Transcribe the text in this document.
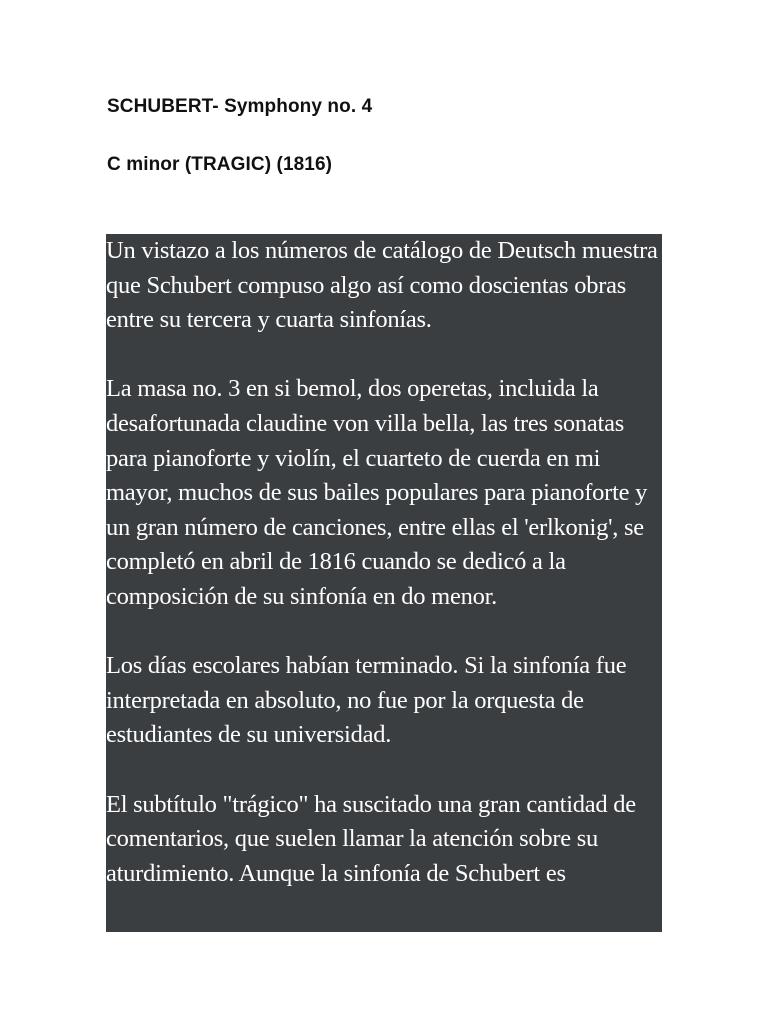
SCHUBERT- Symphony no. 4
C minor (TRAGIC) (1816)

Un vistazo a los números de catálogo de Deutsch muestra que Schubert compuso algo así como doscientas obras entre su tercera y cuarta sinfonías.

La masa no. 3 en si bemol, dos operetas, incluida la desafortunada claudine von villa bella, las tres sonatas para pianoforte y violín, el cuarteto de cuerda en mi mayor, muchos de sus bailes populares para pianoforte y un gran número de canciones, entre ellas el 'erlkonig', se completó en abril de 1816 cuando se dedicó a la composición de su sinfonía en do menor.

Los días escolares habían terminado. Si la sinfonía fue interpretada en absoluto, no fue por la orquesta de estudiantes de su universidad.

El subtítulo "trágico" ha suscitado una gran cantidad de comentarios, que suelen llamar la atención sobre su aturdimiento. Aunque la sinfonía de Schubert es
